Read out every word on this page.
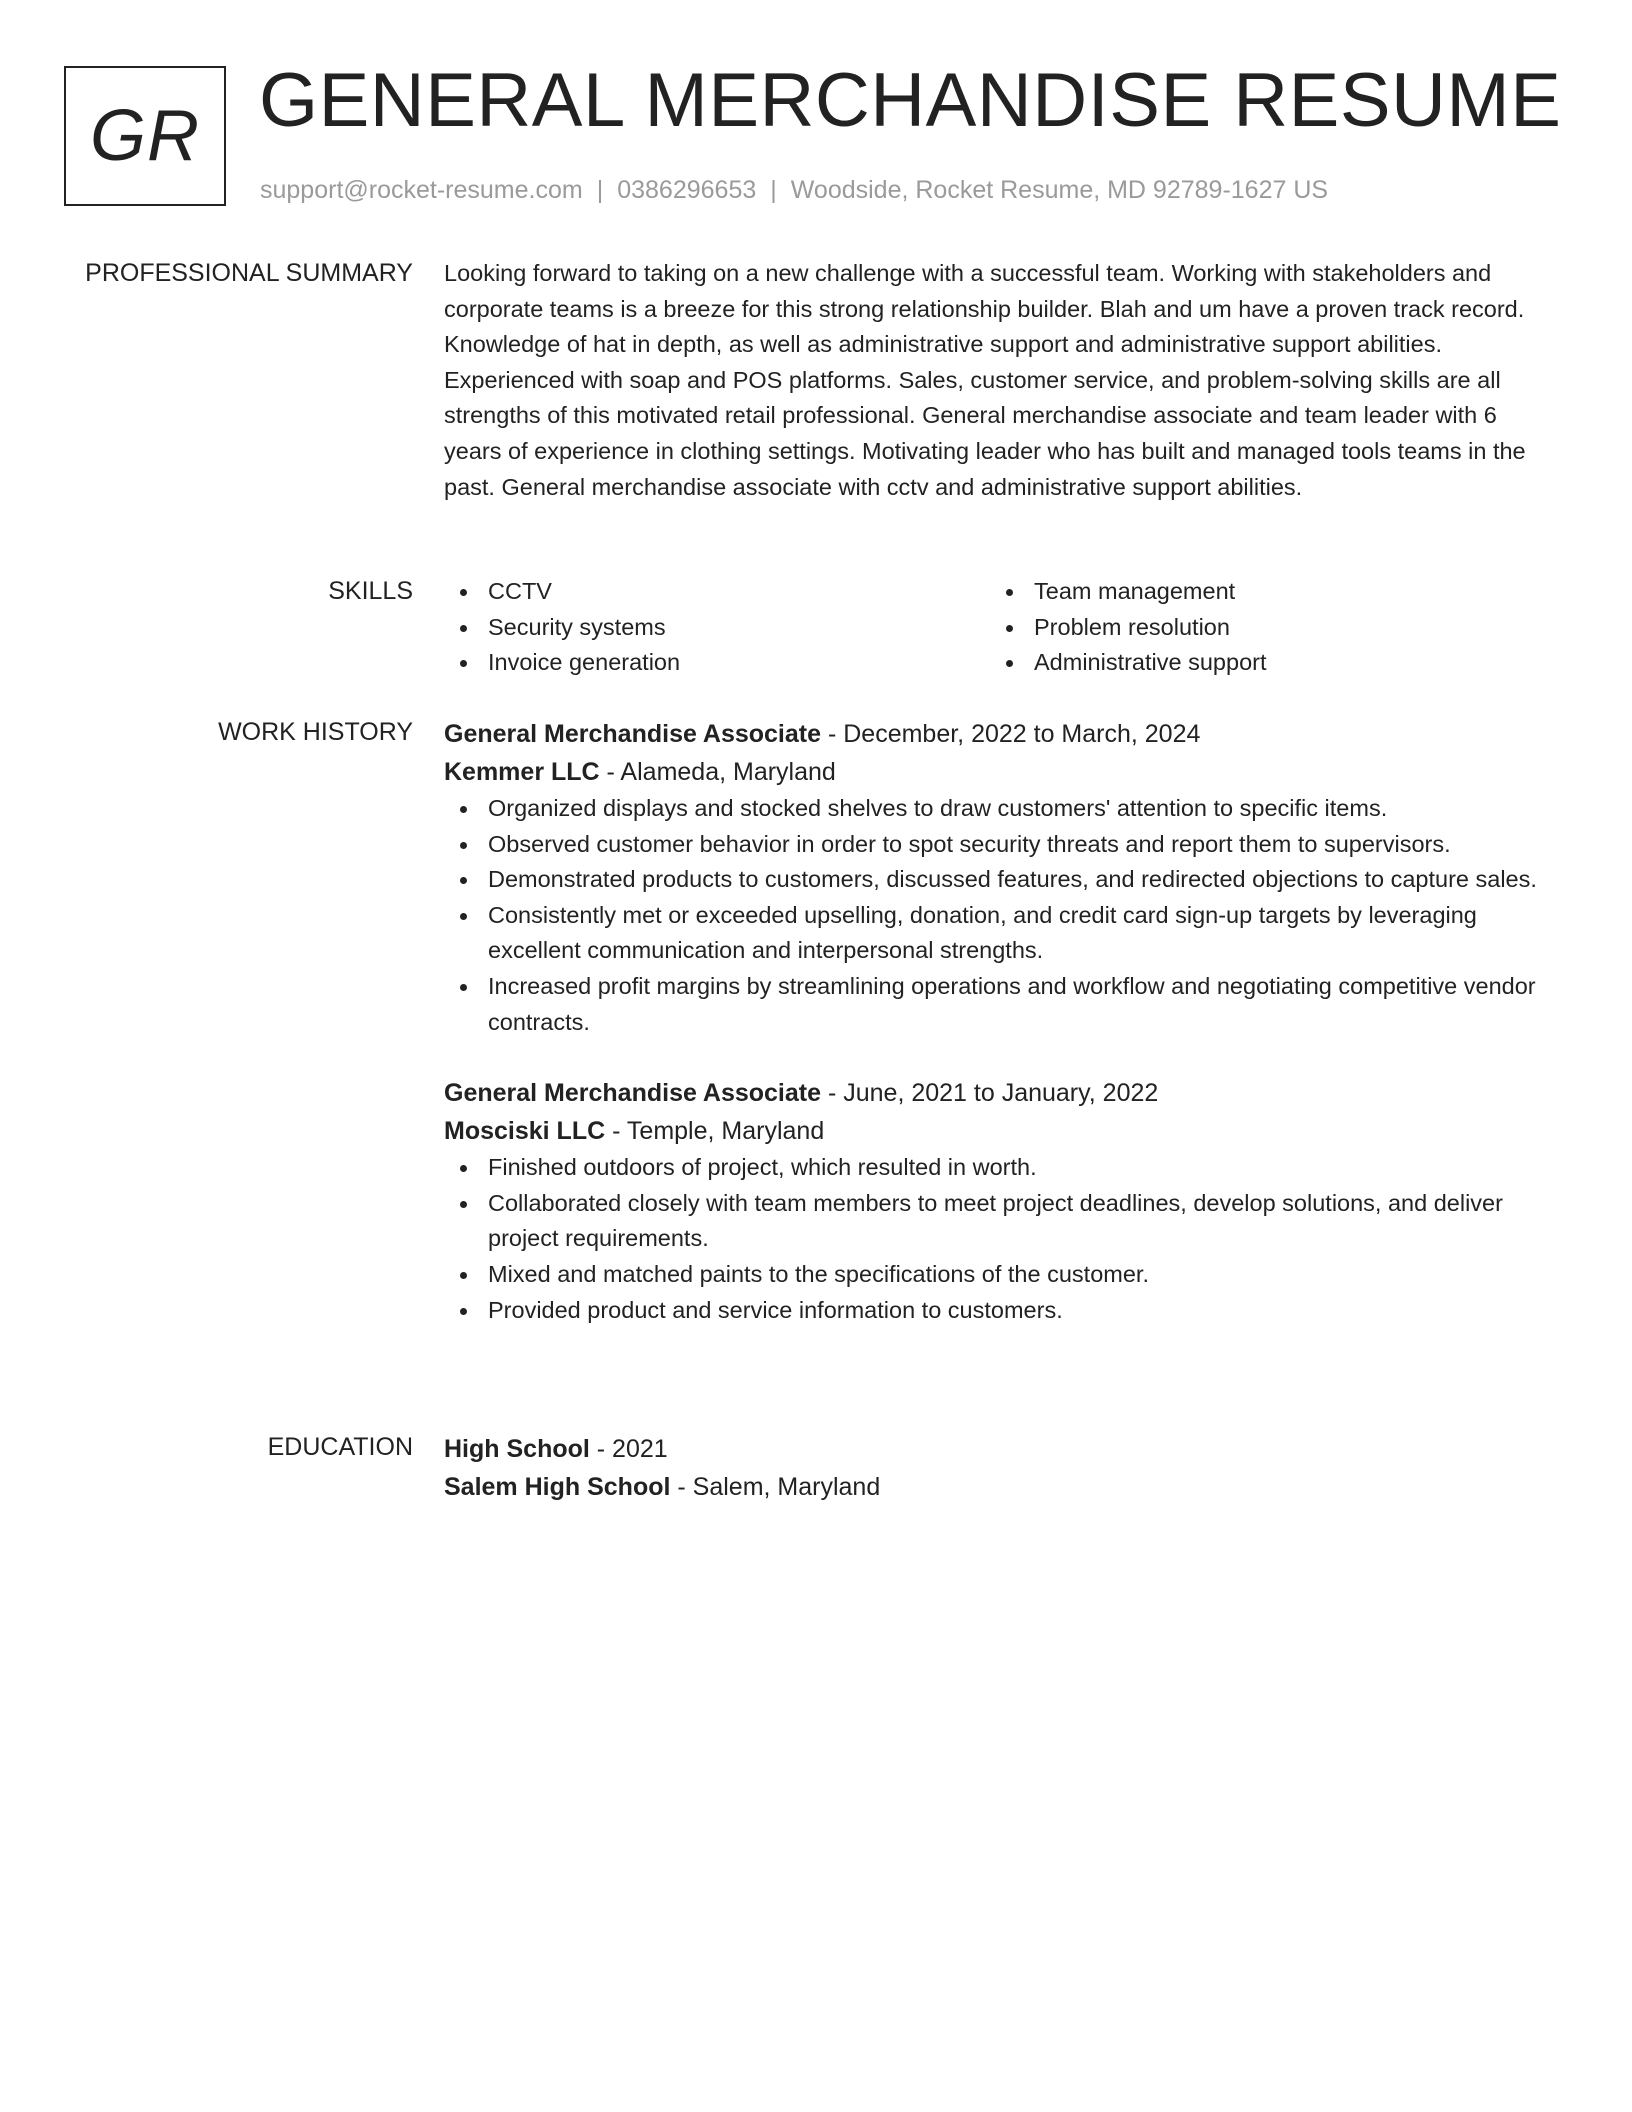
GR GENERAL MERCHANDISE RESUME
support@rocket-resume.com | 0386296653 | Woodside, Rocket Resume, MD 92789-1627 US
PROFESSIONAL SUMMARY Looking forward to taking on a new challenge with a successful team. Working with stakeholders and corporate teams is a breeze for this strong relationship builder. Blah and um have a proven track record. Knowledge of hat in depth, as well as administrative support and administrative support abilities. Experienced with soap and POS platforms. Sales, customer service, and problem-solving skills are all strengths of this motivated retail professional. General merchandise associate and team leader with 6 years of experience in clothing settings. Motivating leader who has built and managed tools teams in the past. General merchandise associate with cctv and administrative support abilities.

SKILLS	CCTV
Security systems
Invoice generation
Team management
Problem resolution
Administrative support
WORK HISTORY General Merchandise Associate - December, 2022 to March, 2024
Kemmer LLC - Alameda, Maryland
Organized displays and stocked shelves to draw customers' attention to specific items.
Observed customer behavior in order to spot security threats and report them to supervisors.
Demonstrated products to customers, discussed features, and redirected objections to capture sales.
Consistently met or exceeded upselling, donation, and credit card sign-up targets by leveraging excellent communication and interpersonal strengths.
Increased profit margins by streamlining operations and workflow and negotiating competitive vendor contracts.
General Merchandise Associate - June, 2021 to January, 2022
Mosciski LLC - Temple, Maryland
Finished outdoors of project, which resulted in worth.
Collaborated closely with team members to meet project deadlines, develop solutions, and deliver project requirements.
Mixed and matched paints to the specifications of the customer.
Provided product and service information to customers.
EDUCATION High School - 2021
Salem High School - Salem, Maryland
